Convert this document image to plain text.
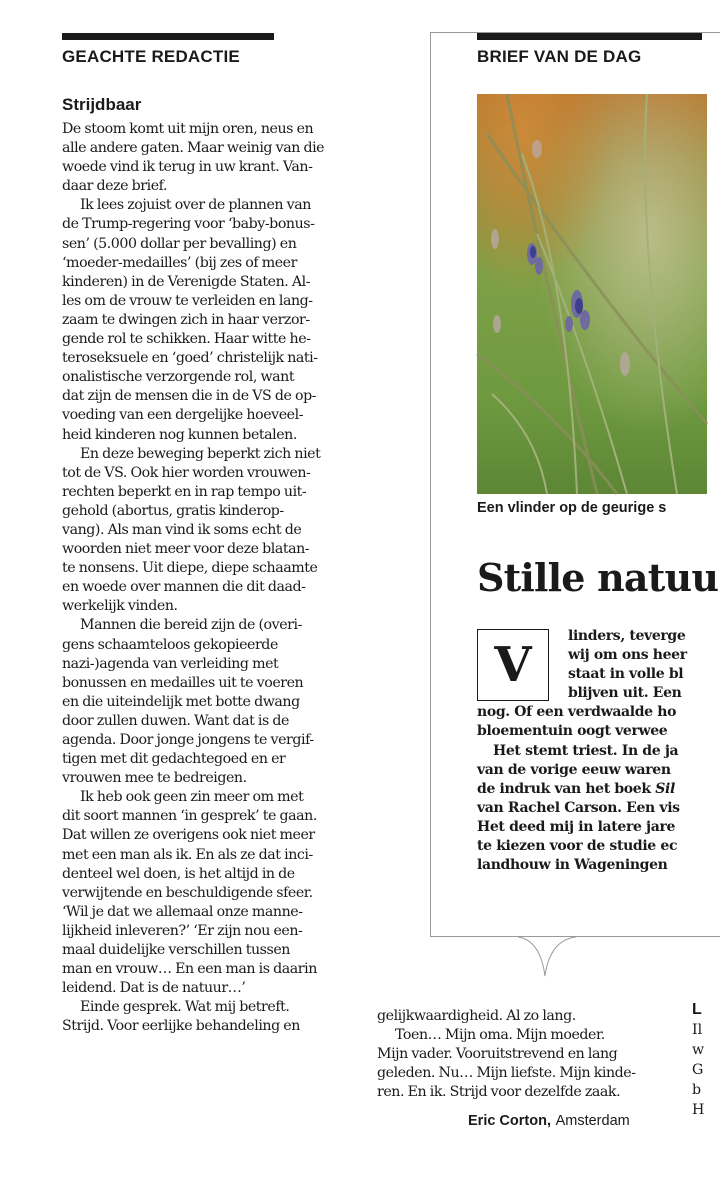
GEACHTE REDACTIE
Strijdbaar
De stoom komt uit mijn oren, neus en
alle andere gaten. Maar weinig van die
woede vind ik terug in uw krant. Van-
daar deze brief.
Ik lees zojuist over de plannen van
de Trump-regering voor ‘baby-bonus-
sen’ (5.000 dollar per bevalling) en
‘moeder-medailles’ (bij zes of meer
kinderen) in de Verenigde Staten. Al-
les om de vrouw te verleiden en lang-
zaam te dwingen zich in haar verzor-
gende rol te schikken. Haar witte he-
teroseksuele en ‘goed’ christelijk nati-
onalistische verzorgende rol, want
dat zijn de mensen die in de VS de op-
voeding van een dergelijke hoeveel-
heid kinderen nog kunnen betalen.
En deze beweging beperkt zich niet
tot de VS. Ook hier worden vrouwen-
rechten beperkt en in rap tempo uit-
gehold (abortus, gratis kinderop-
vang). Als man vind ik soms echt de
woorden niet meer voor deze blatan-
te nonsens. Uit diepe, diepe schaamte
en woede over mannen die dit daad-
werkelijk vinden.
Mannen die bereid zijn de (overi-
gens schaamteloos gekopieerde
nazi-)agenda van verleiding met
bonussen en medailles uit te voeren
en die uiteindelijk met botte dwang
door zullen duwen. Want dat is de
agenda. Door jonge jongens te vergif-
tigen met dit gedachtegoed en er
vrouwen mee te bedreigen.
Ik heb ook geen zin meer om met
dit soort mannen ‘in gesprek’ te gaan.
Dat willen ze overigens ook niet meer
met een man als ik. En als ze dat inci-
denteel wel doen, is het altijd in de
verwijtende en beschuldigende sfeer.
‘Wil je dat we allemaal onze manne-
lijkheid inleveren?’ ‘Er zijn nou een-
maal duidelijke verschillen tussen
man en vrouw… En een man is daarin
leidend. Dat is de natuur…’
Einde gesprek. Wat mij betreft.
Strijd. Voor eerlijke behandeling en
gelijkwaardigheid. Al zo lang.
Toen… Mijn oma. Mijn moeder.
Mijn vader. Vooruitstrevend en lang
geleden. Nu… Mijn liefste. Mijn kinde-
ren. En ik. Strijd voor dezelfde zaak.

Eric Corton, Amsterdam

BRIEF VAN DE DAG

Een vlinder op de geurige s

Stille natuu
V
linders, teverge
wij om ons heer
staat in volle bl
blijven uit. Een
nog. Of een verdwaalde ho
bloementuin oogt verwee
Het stemt triest. In de ja
van de vorige eeuw waren
de indruk van het boek Sil
van Rachel Carson. Een vis
Het deed mij in latere jare
te kiezen voor de studie ec
landhouw in Wageningen
L
Il
w
G
b
H
